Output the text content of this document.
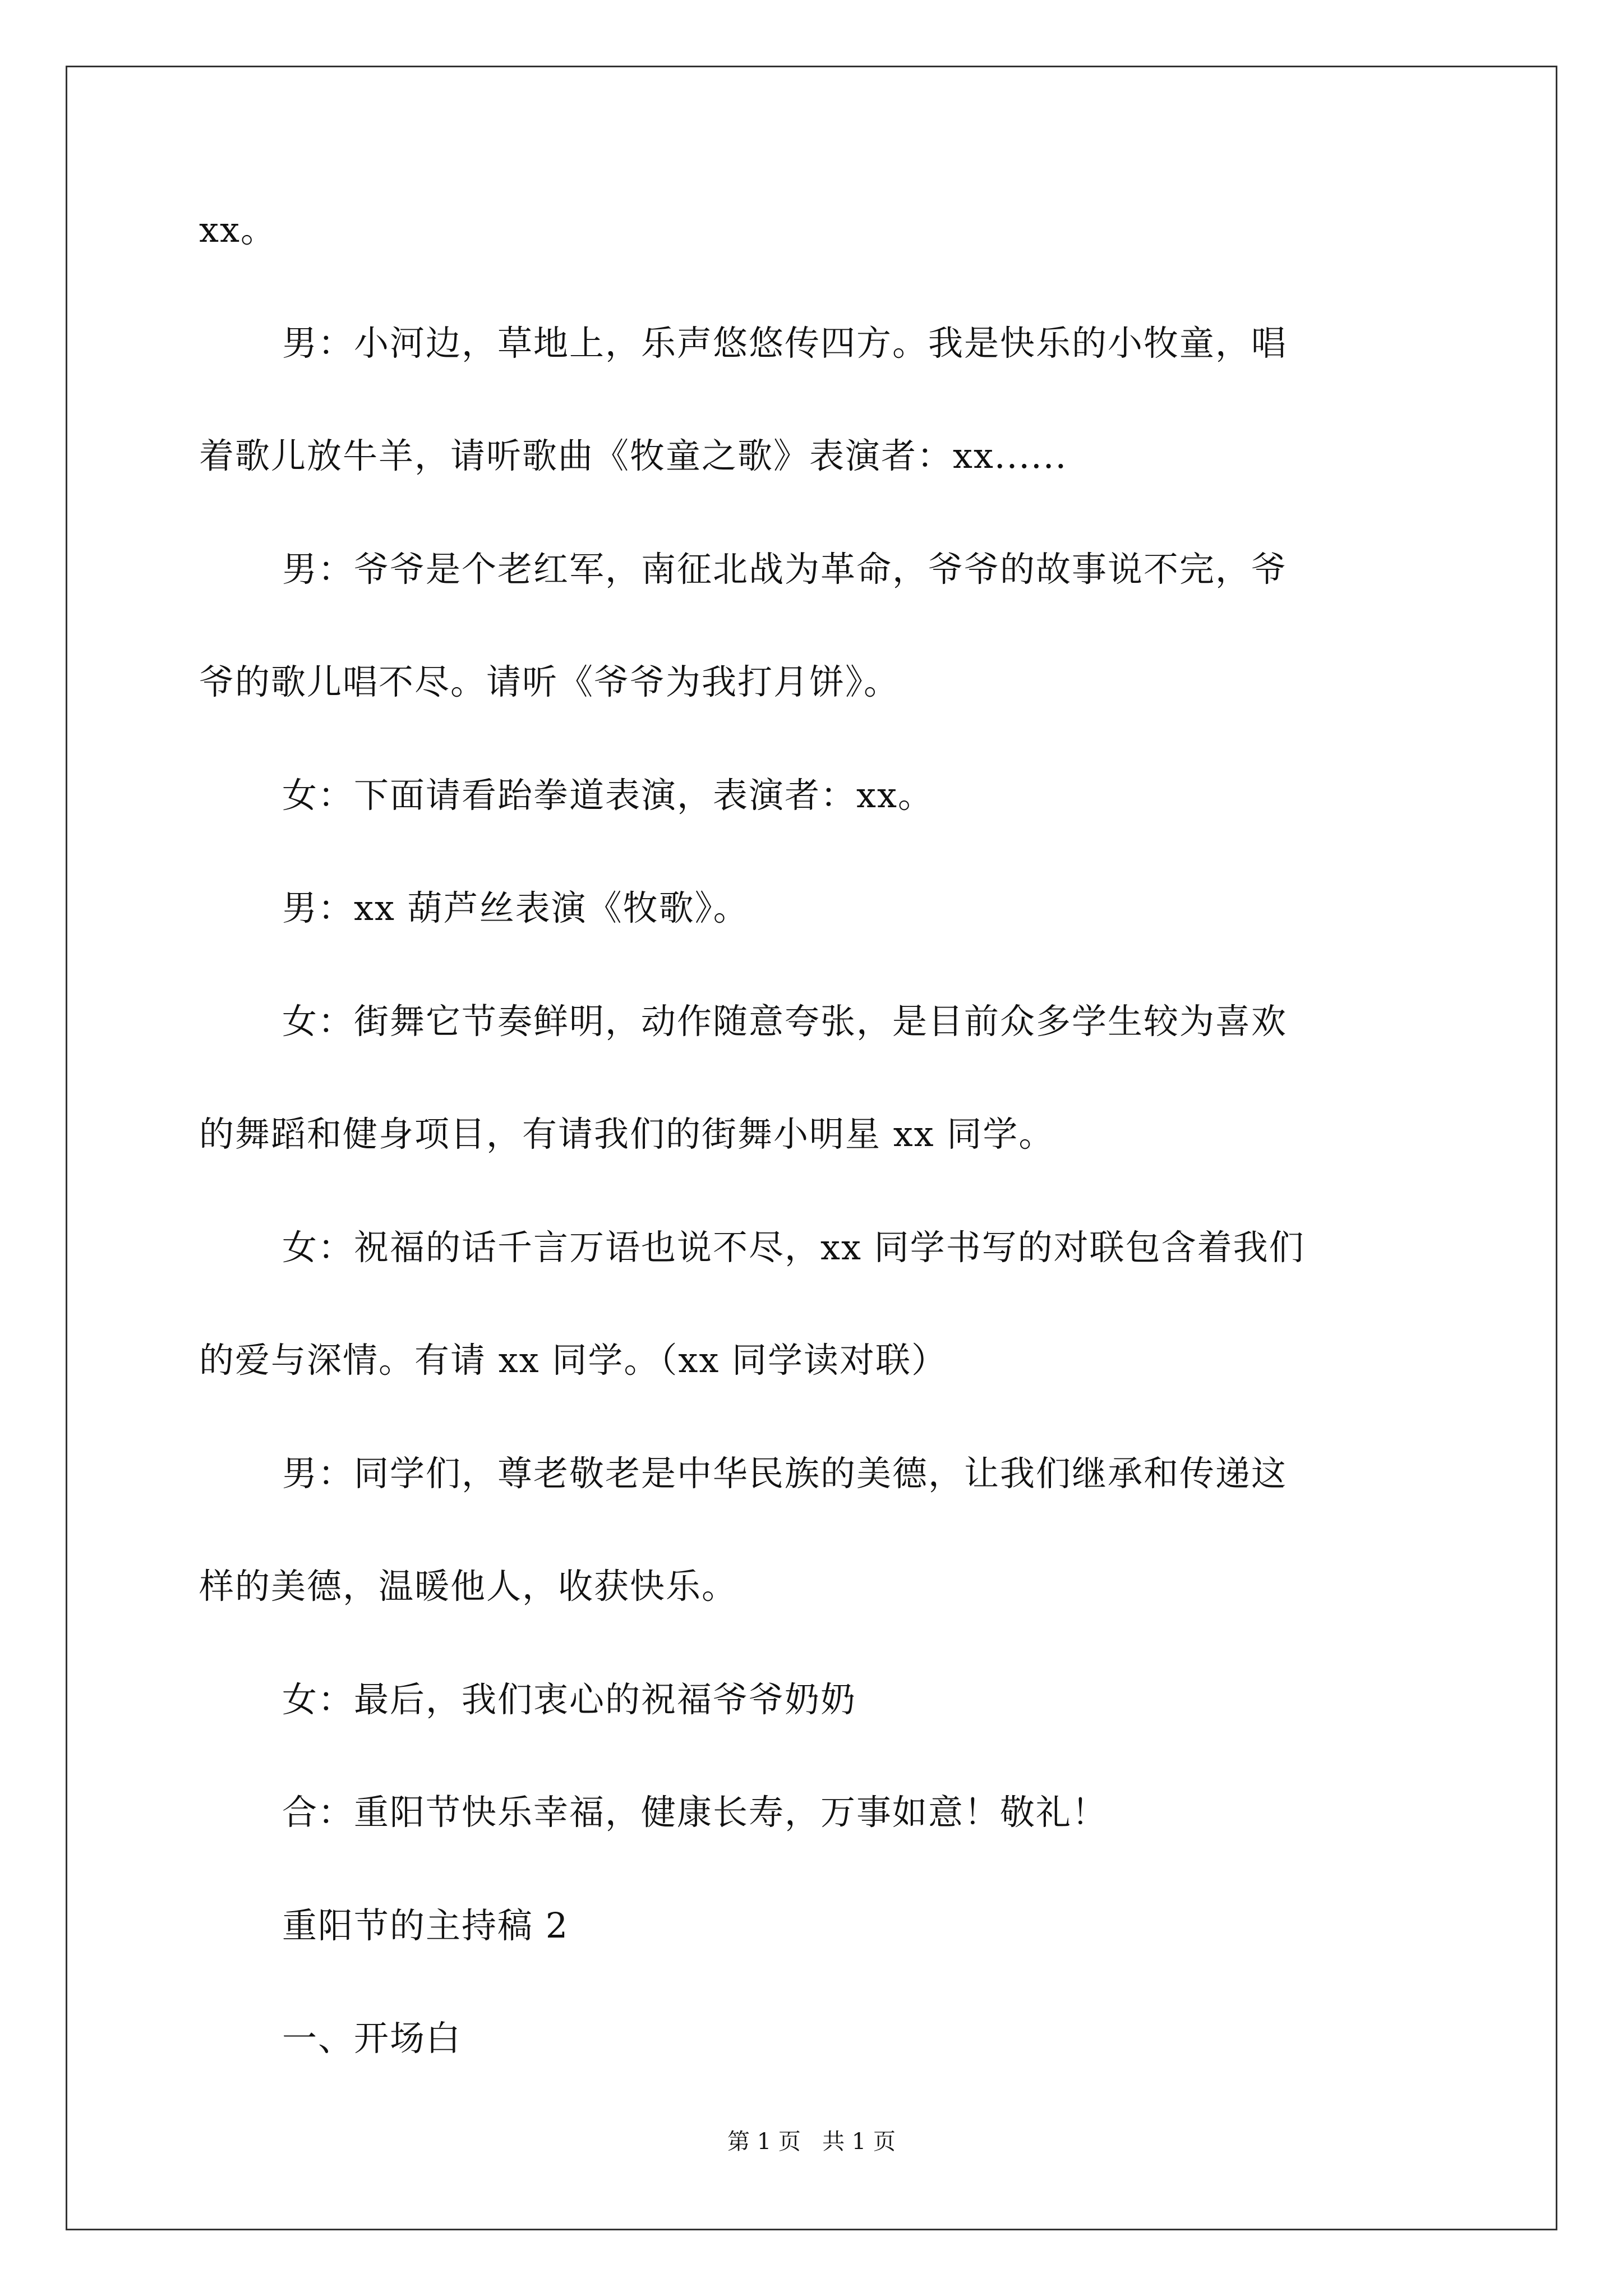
xx。
男：小河边，草地上，乐声悠悠传四方。我是快乐的小牧童，唱
着歌儿放牛羊，请听歌曲《牧童之歌》表演者：xx......
男：爷爷是个老红军，南征北战为革命，爷爷的故事说不完，爷
爷的歌儿唱不尽。请听《爷爷为我打月饼》。
女：下面请看跆拳道表演，表演者：xx。
男：xx 葫芦丝表演《牧歌》。
女：街舞它节奏鲜明，动作随意夸张，是目前众多学生较为喜欢
的舞蹈和健身项目，有请我们的街舞小明星 xx 同学。
女：祝福的话千言万语也说不尽，xx 同学书写的对联包含着我们
的爱与深情。有请 xx 同学。（xx 同学读对联）
男：同学们，尊老敬老是中华民族的美德，让我们继承和传递这
样的美德，温暖他人，收获快乐。
女：最后，我们衷心的祝福爷爷奶奶
合：重阳节快乐幸福，健康长寿，万事如意！敬礼！
重阳节的主持稿 2
一、开场白
第 1 页   共 1 页
